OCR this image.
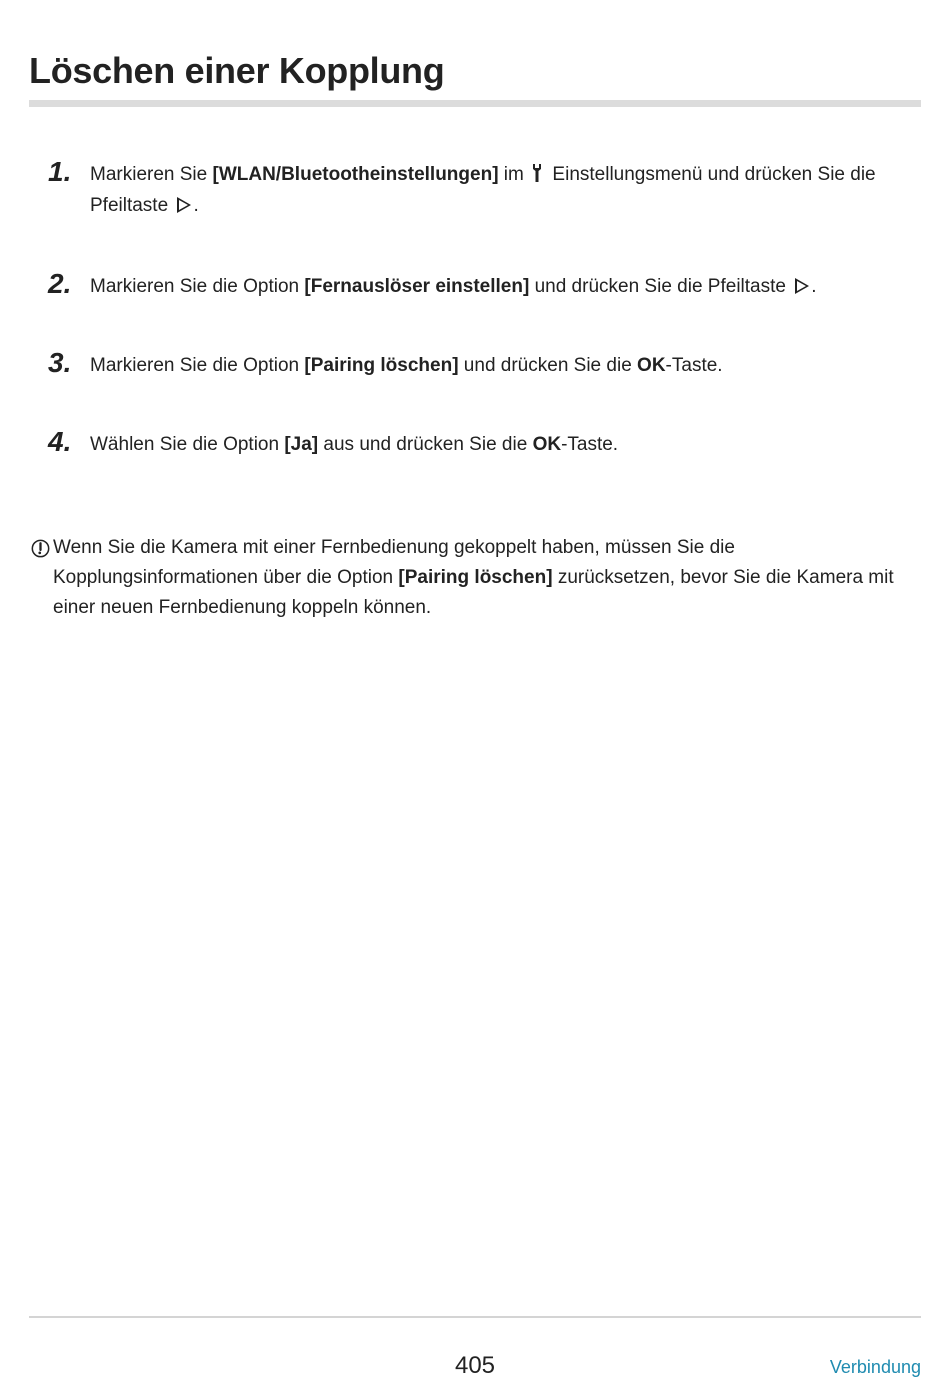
Löschen einer Kopplung
1. Markieren Sie [WLAN/Bluetootheinstellungen] im  Einstellungsmenü und drücken Sie die Pfeiltaste .
2. Markieren Sie die Option [Fernauslöser einstellen] und drücken Sie die Pfeiltaste .
3. Markieren Sie die Option [Pairing löschen] und drücken Sie die OK-Taste.
4. Wählen Sie die Option [Ja] aus und drücken Sie die OK-Taste.
Wenn Sie die Kamera mit einer Fernbedienung gekoppelt haben, müssen Sie die Kopplungsinformationen über die Option [Pairing löschen] zurücksetzen, bevor Sie die Kamera mit einer neuen Fernbedienung koppeln können.
405	Verbindung
